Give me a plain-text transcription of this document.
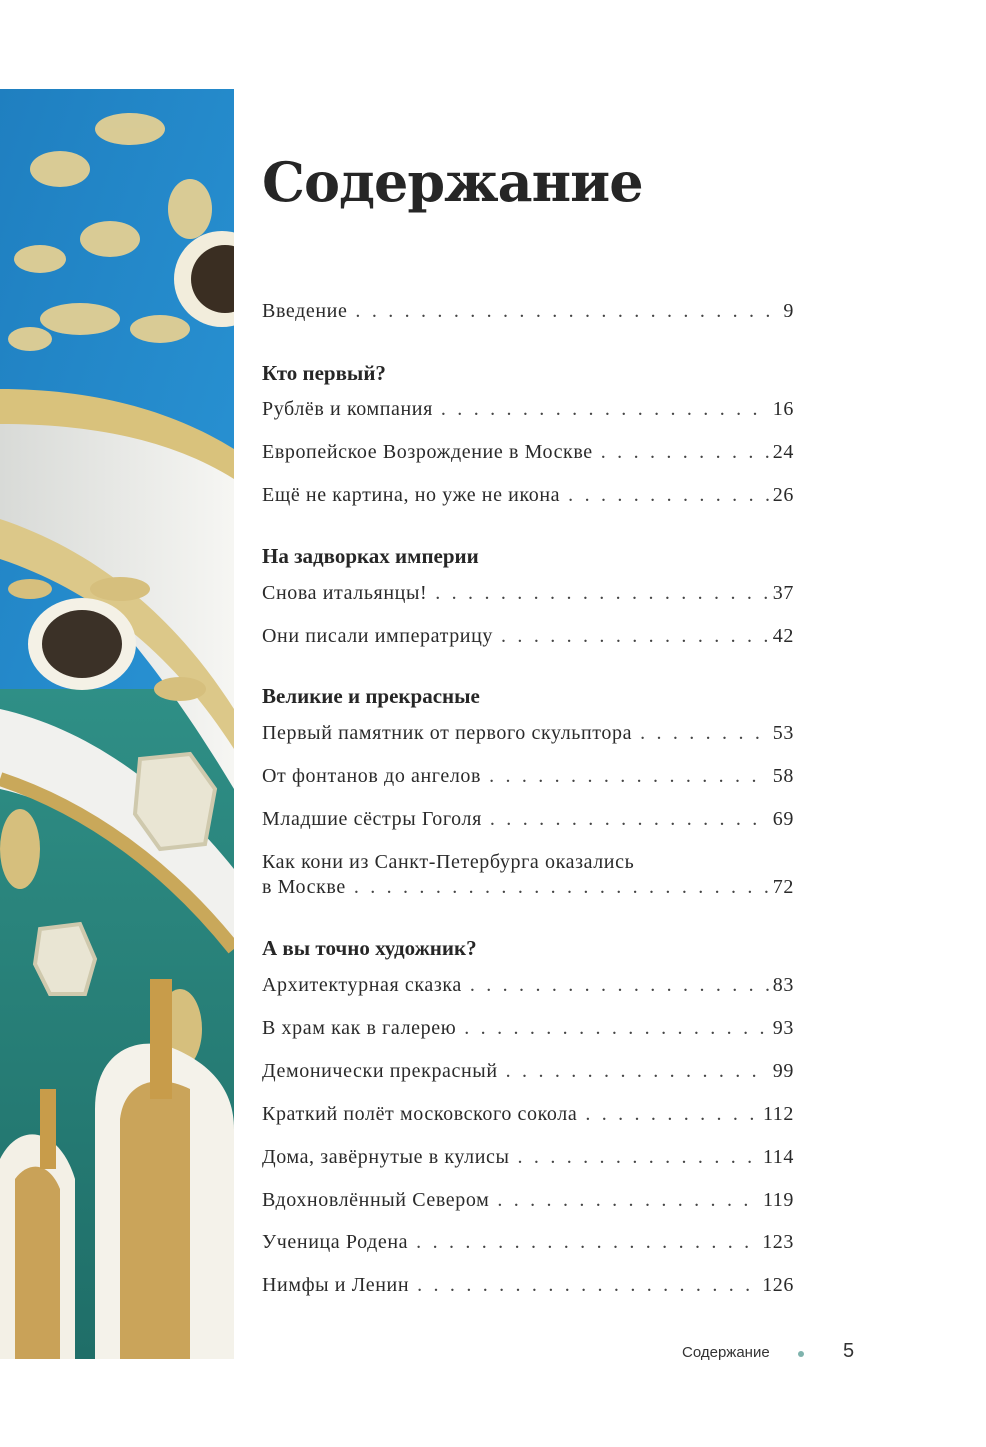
Содержание
Введение . . .	9
Кто первый?
Рублёв и компания . . .	16
Европейское Возрождение в Москве . . .	24
Ещё не картина, но уже не икона . . .	26
На задворках империи
Снова итальянцы! . . .	37
Они писали императрицу . . .	42
Великие и прекрасные
Первый памятник от первого скульптора . . .	53
От фонтанов до ангелов . . .	58
Младшие сёстры Гоголя . . .	69
Как кони из Санкт-Петербурга оказались
в Москве . . .	72
А вы точно художник?
Архитектурная сказка . . .	83
В храм как в галерею . . .	93
Демонически прекрасный . . .	99
Краткий полёт московского сокола . . .	112
Дома, завёрнутые в кулисы . . .	114
Вдохновлённый Севером . . .	119
Ученица Родена . . .	123
Нимфы и Ленин . . .	126
Содержание	5
